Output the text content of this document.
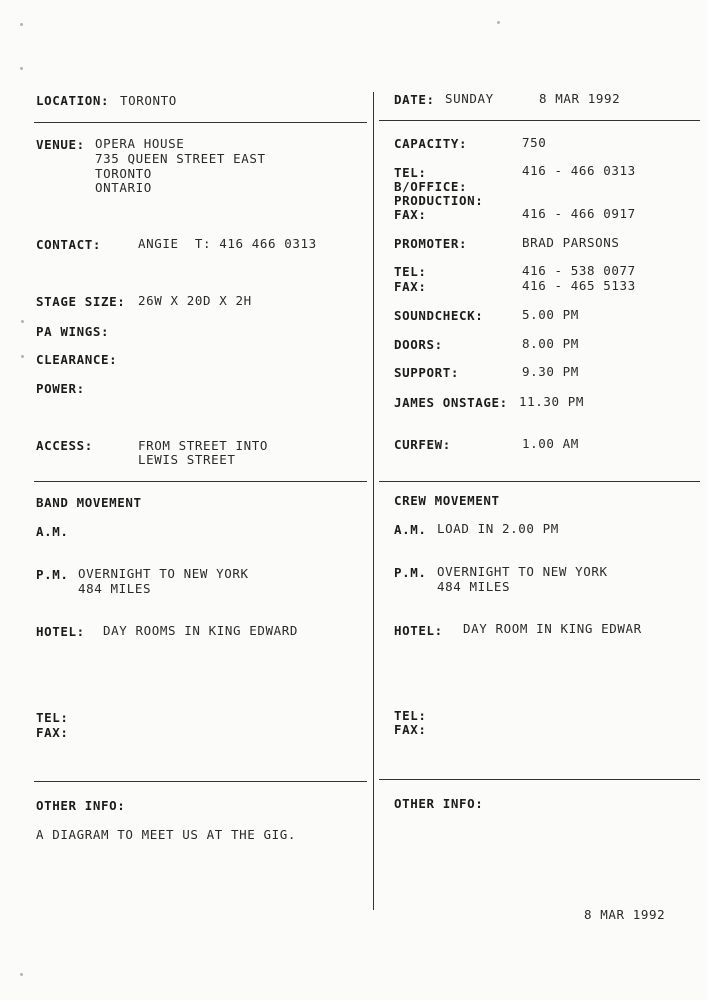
LOCATION: TORONTO
VENUE: OPERA HOUSE
735 QUEEN STREET EAST
TORONTO
ONTARIO
CONTACT:	ANGIE  T: 416 466 0313
STAGE SIZE: 26W X 20D X 2H
PA WINGS:
CLEARANCE:
POWER:
ACCESS:	FROM STREET INTO
LEWIS STREET
BAND MOVEMENT
A.M.
P.M. OVERNIGHT TO NEW YORK
484 MILES
HOTEL: DAY ROOMS IN KING EDWARD
TEL:
FAX:
OTHER INFO:
A DIAGRAM TO MEET US AT THE GIG.
DATE: SUNDAY	8 MAR 1992
CAPACITY:	750
TEL:	416 - 466 0313
B/OFFICE:
PRODUCTION:
FAX:	416 - 466 0917
PROMOTER:	BRAD PARSONS
TEL:	416 - 538 0077
FAX:	416 - 465 5133
SOUNDCHECK:	5.00 PM
DOORS:	8.00 PM
SUPPORT:	9.30 PM
JAMES ONSTAGE: 11.30 PM
CURFEW:	1.00 AM
CREW MOVEMENT
A.M. LOAD IN 2.00 PM
P.M. OVERNIGHT TO NEW YORK
484 MILES
HOTEL: DAY ROOM IN KING EDWAR
TEL:
FAX:
OTHER INFO:
8 MAR 1992
